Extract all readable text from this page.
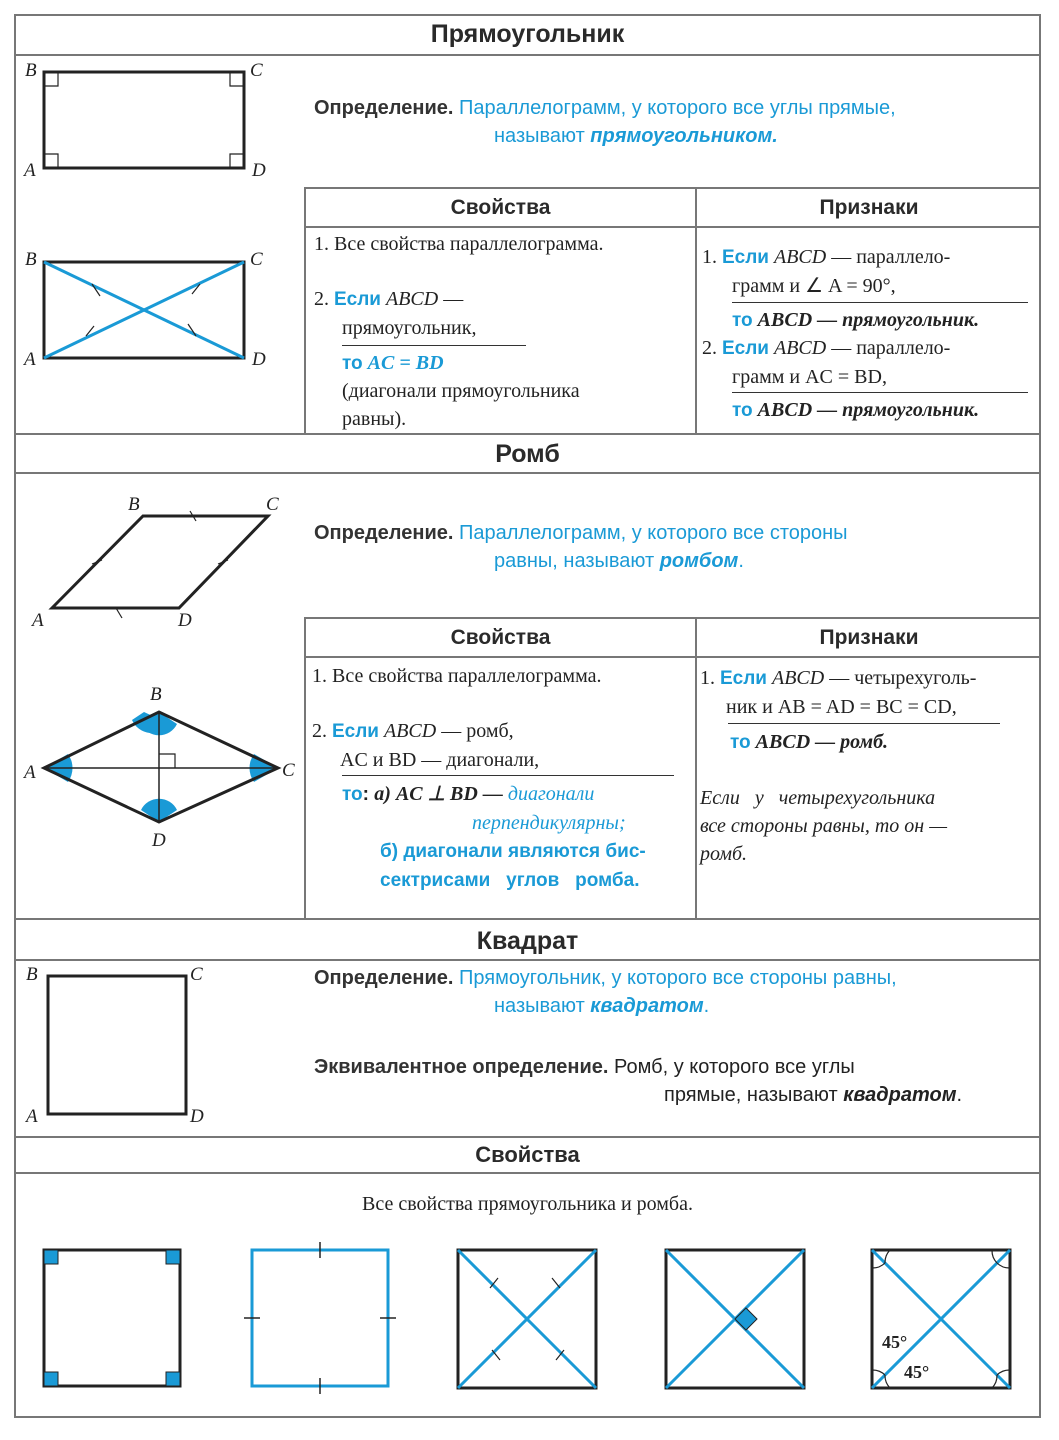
Прямоугольник
B	C
A	D
B	C
A	D
Определение. Параллелограмм, у которого все углы прямые,
называют прямоугольником.
Свойства	Признаки
1. Все свойства параллелограмма.
2. Если ABCD —
прямоугольник,
то AC = BD
(диагонали прямоугольника
равны).
1. Если ABCD — параллело-
грамм и ∠ A = 90°,
то ABCD — прямоугольник.
2. Если ABCD — параллело-
грамм и AC = BD,
то ABCD — прямоугольник.
Ромб
B	C
A	D
B
A	C
D
Определение. Параллелограмм, у которого все стороны
равны, называют ромбом.
Свойства	Признаки
1. Все свойства параллелограмма.
2. Если ABCD — ромб,
AC и BD — диагонали,
то: а) AC ⊥ BD — диагонали
перпендикулярны;
б) диагонали являются бис-
сектрисами   углов   ромба.
1. Если ABCD — четырехуголь-
ник и AB = AD = BC = CD,
то ABCD — ромб.
Если   у   четырехугольника
все стороны равны, то он —
ромб.
Квадрат
B	C
A	D
Определение. Прямоугольник, у которого все стороны равны,
называют квадратом.
Эквивалентное определение. Ромб, у которого все углы
прямые, называют квадратом.
Свойства
Все свойства прямоугольника и ромба.
45°
45°
